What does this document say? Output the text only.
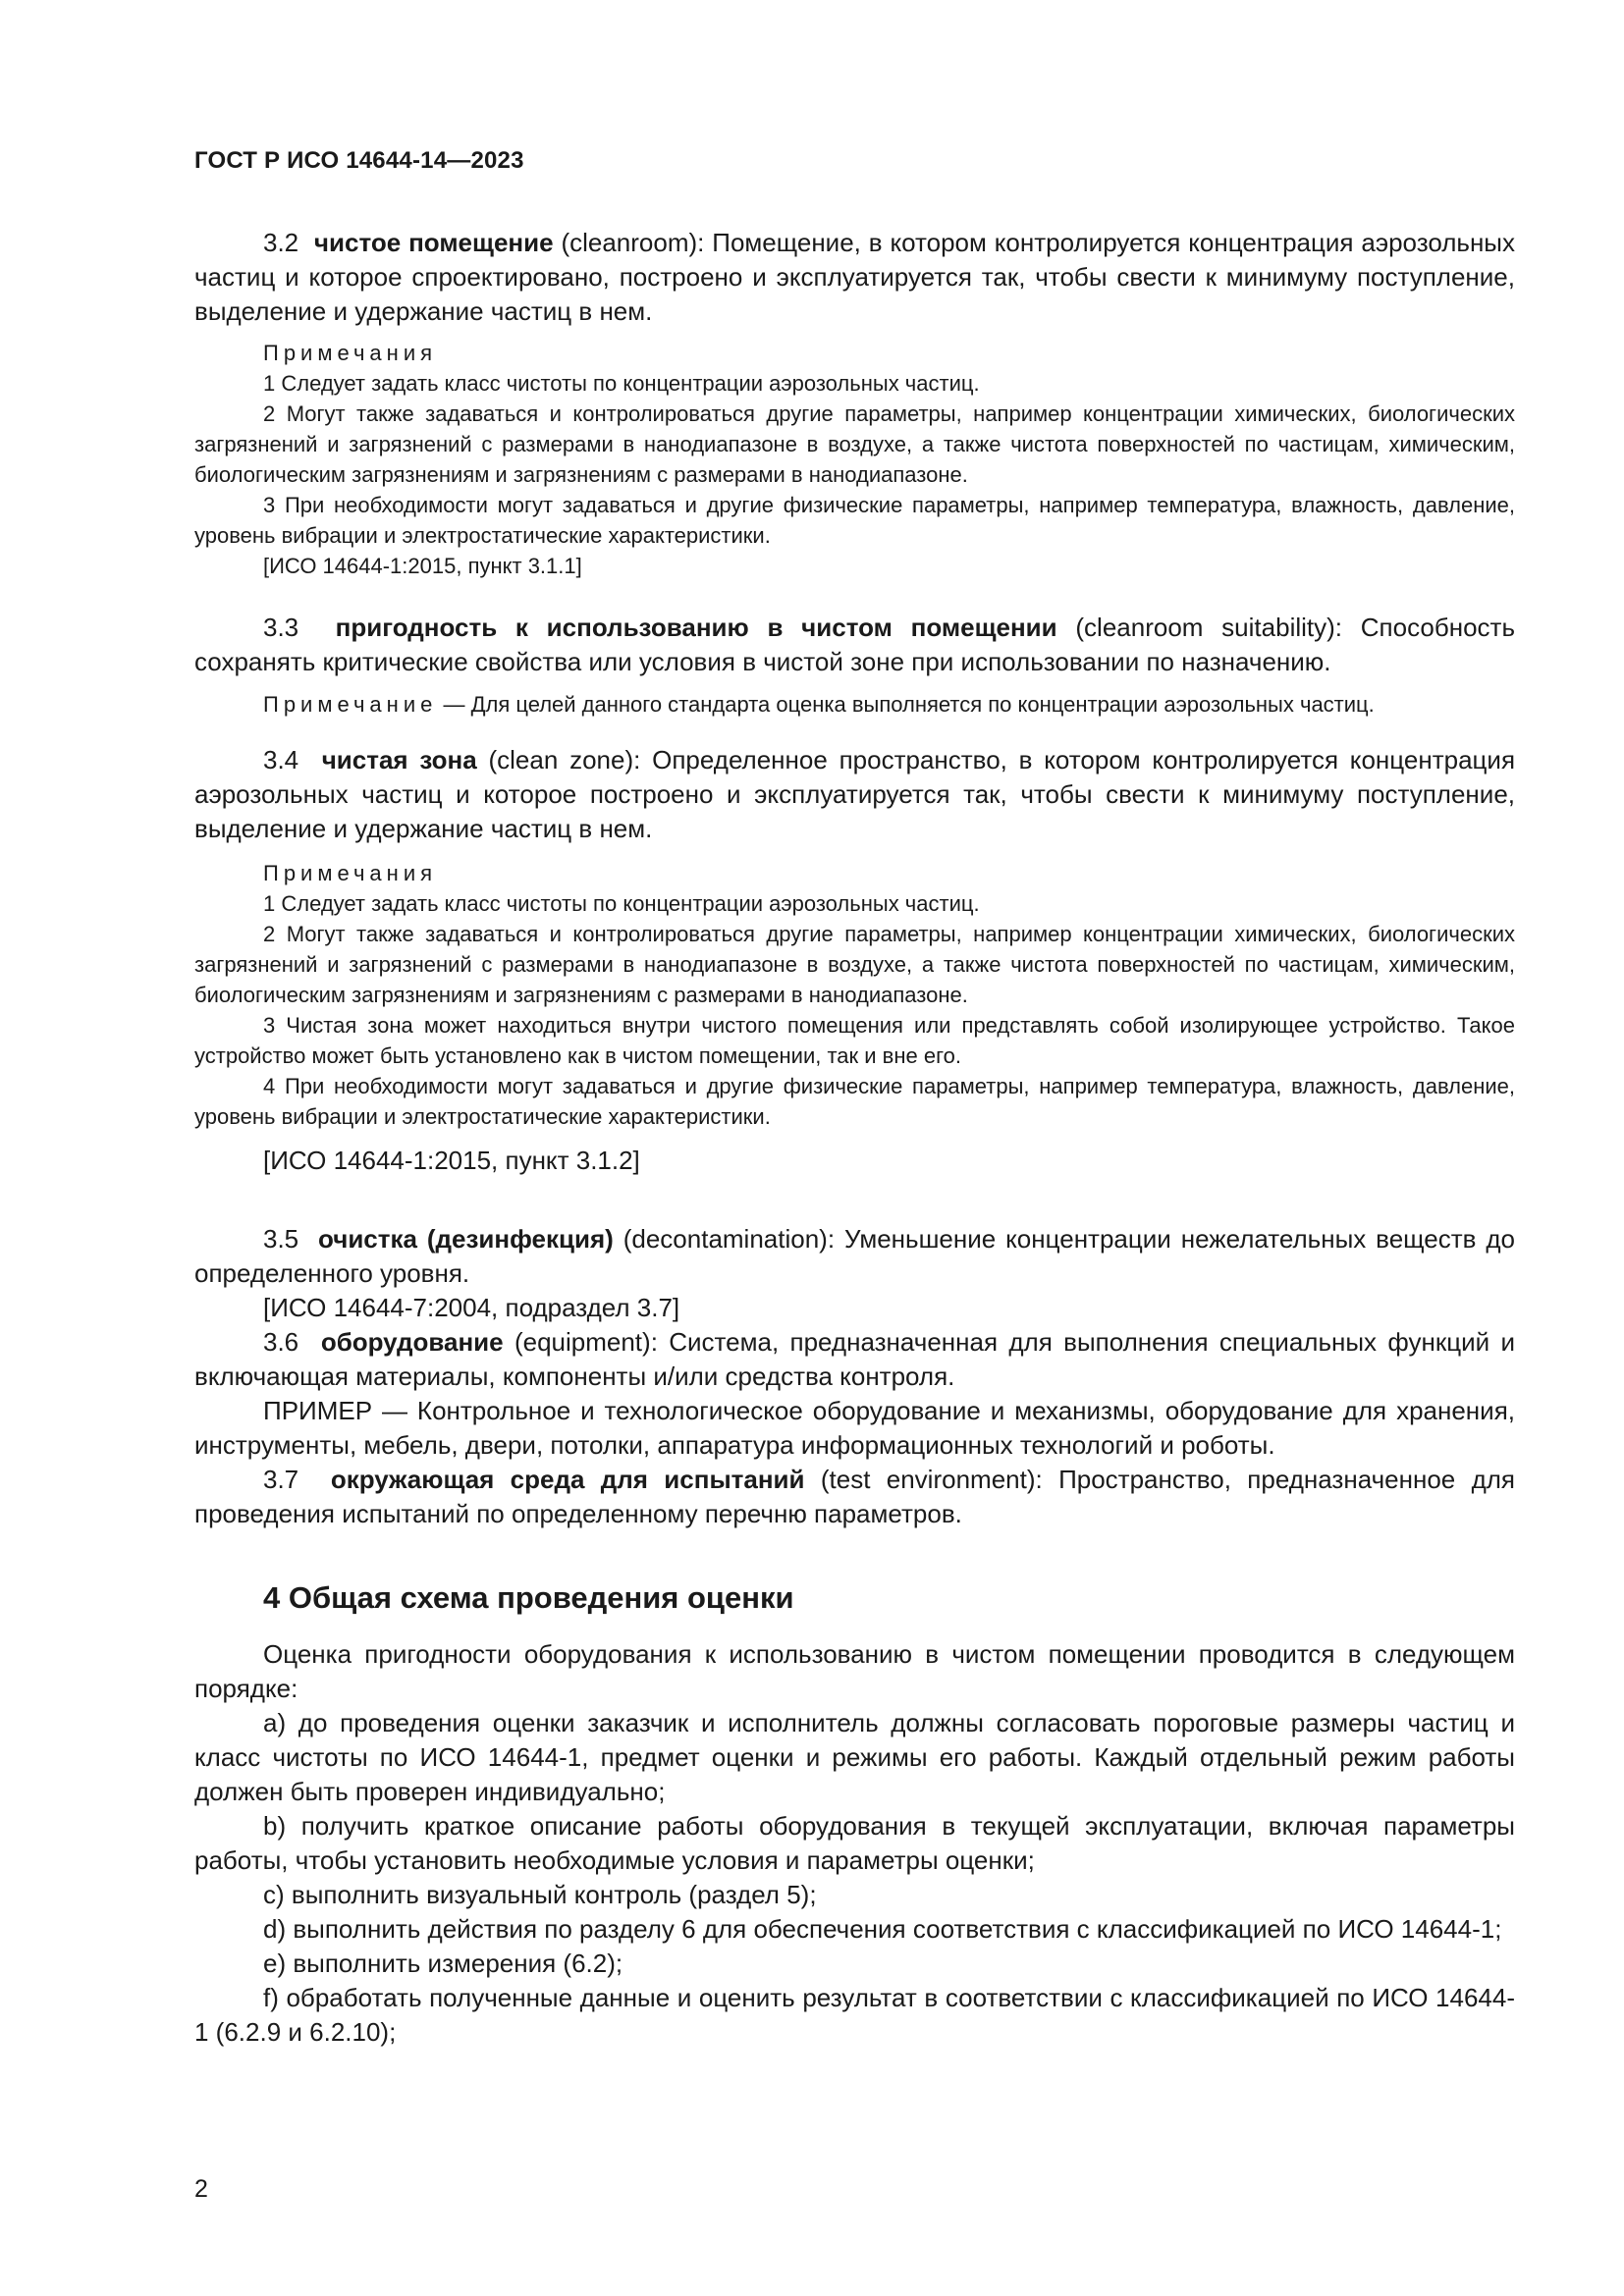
ГОСТ Р ИСО 14644-14—2023

3.2 чистое помещение (cleanroom): Помещение, в котором контролируется концентрация аэрозольных частиц и которое спроектировано, построено и эксплуатируется так, чтобы свести к минимуму поступление, выделение и удержание частиц в нем.

Примечания

1 Следует задать класс чистоты по концентрации аэрозольных частиц.

2 Могут также задаваться и контролироваться другие параметры, например концентрации химических, биологических загрязнений и загрязнений с размерами в нанодиапазоне в воздухе, а также чистота поверхностей по частицам, химическим, биологическим загрязнениям и загрязнениям с размерами в нанодиапазоне.

3 При необходимости могут задаваться и другие физические параметры, например температура, влажность, давление, уровень вибрации и электростатические характеристики.

[ИСО 14644-1:2015, пункт 3.1.1]

3.3 пригодность к использованию в чистом помещении (cleanroom suitability): Способность сохранять критические свойства или условия в чистой зоне при использовании по назначению.

Примечание — Для целей данного стандарта оценка выполняется по концентрации аэрозольных частиц.

3.4 чистая зона (clean zone): Определенное пространство, в котором контролируется концентрация аэрозольных частиц и которое построено и эксплуатируется так, чтобы свести к минимуму поступление, выделение и удержание частиц в нем.

Примечания

1 Следует задать класс чистоты по концентрации аэрозольных частиц.

2 Могут также задаваться и контролироваться другие параметры, например концентрации химических, биологических загрязнений и загрязнений с размерами в нанодиапазоне в воздухе, а также чистота поверхностей по частицам, химическим, биологическим загрязнениям и загрязнениям с размерами в нанодиапазоне.

3 Чистая зона может находиться внутри чистого помещения или представлять собой изолирующее устройство. Такое устройство может быть установлено как в чистом помещении, так и вне его.

4 При необходимости могут задаваться и другие физические параметры, например температура, влажность, давление, уровень вибрации и электростатические характеристики.

[ИСО 14644-1:2015, пункт 3.1.2]

3.5 очистка (дезинфекция) (decontamination): Уменьшение концентрации нежелательных веществ до определенного уровня.

[ИСО 14644-7:2004, подраздел 3.7]

3.6 оборудование (equipment): Система, предназначенная для выполнения специальных функций и включающая материалы, компоненты и/или средства контроля.

ПРИМЕР — Контрольное и технологическое оборудование и механизмы, оборудование для хранения, инструменты, мебель, двери, потолки, аппаратура информационных технологий и роботы.

3.7 окружающая среда для испытаний (test environment): Пространство, предназначенное для проведения испытаний по определенному перечню параметров.

4 Общая схема проведения оценки

Оценка пригодности оборудования к использованию в чистом помещении проводится в следующем порядке:

а) до проведения оценки заказчик и исполнитель должны согласовать пороговые размеры частиц и класс чистоты по ИСО 14644-1, предмет оценки и режимы его работы. Каждый отдельный режим работы должен быть проверен индивидуально;

b) получить краткое описание работы оборудования в текущей эксплуатации, включая параметры работы, чтобы установить необходимые условия и параметры оценки;

c) выполнить визуальный контроль (раздел 5);

d) выполнить действия по разделу 6 для обеспечения соответствия с классификацией по ИСО 14644-1;

e) выполнить измерения (6.2);

f) обработать полученные данные и оценить результат в соответствии с классификацией по ИСО 14644-1 (6.2.9 и 6.2.10);

2
